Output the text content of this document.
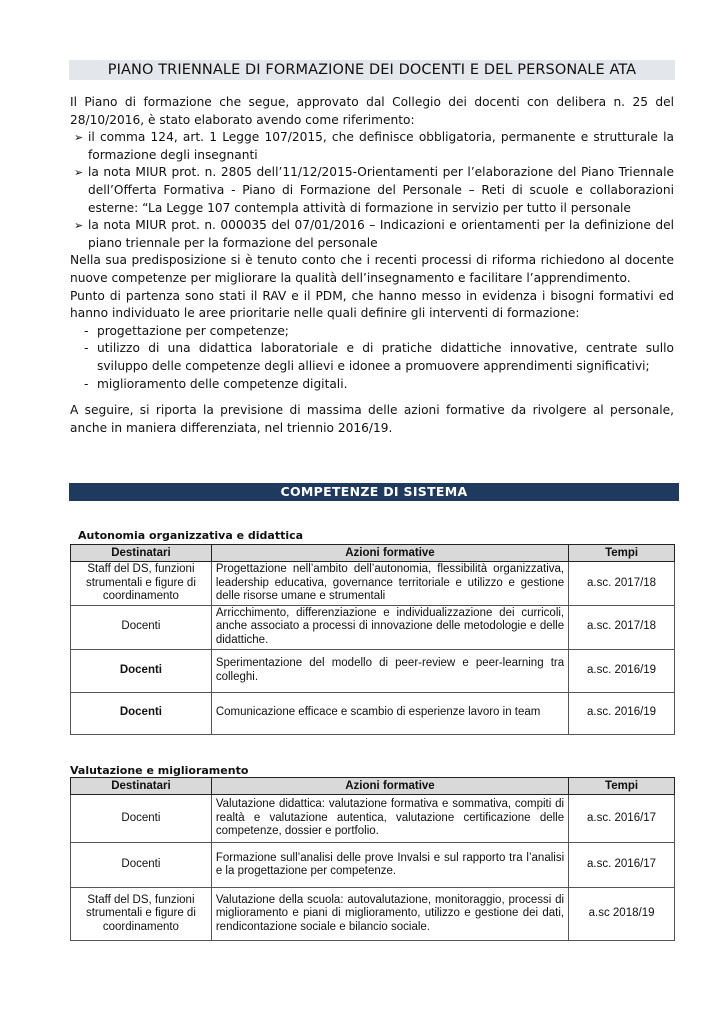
PIANO TRIENNALE DI FORMAZIONE DEI DOCENTI E DEL PERSONALE ATA

Il Piano di formazione che segue, approvato dal Collegio dei docenti con delibera n. 25 del 28/10/2016, è stato elaborato avendo come riferimento:

➢ il comma 124, art. 1 Legge 107/2015, che definisce obbligatoria, permanente e strutturale la formazione degli insegnanti
➢ la nota MIUR prot. n. 2805 dell’11/12/2015-Orientamenti per l’elaborazione del Piano Triennale dell’Offerta Formativa - Piano di Formazione del Personale – Reti di scuole e collaborazioni esterne: “La Legge 107 contempla attività di formazione in servizio per tutto il personale
➢ la nota MIUR prot. n. 000035 del 07/01/2016 – Indicazioni e orientamenti per la definizione del piano triennale per la formazione del personale

Nella sua predisposizione si è tenuto conto che i recenti processi di riforma richiedono al docente nuove competenze per migliorare la qualità dell’insegnamento e facilitare l’apprendimento.

Punto di partenza sono stati il RAV e il PDM, che hanno messo in evidenza i bisogni formativi ed hanno individuato le aree prioritarie nelle quali definire gli interventi di formazione:

- progettazione per competenze;
- utilizzo di una didattica laboratoriale e di pratiche didattiche innovative, centrate sullo sviluppo delle competenze degli allievi e idonee a promuovere apprendimenti significativi;
- miglioramento delle competenze digitali.

A seguire, si riporta la previsione di massima delle azioni formative da rivolgere al personale, anche in maniera differenziata, nel triennio 2016/19.

COMPETENZE DI SISTEMA
Autonomia organizzativa e didattica
Destinatari	Azioni formative	Tempi
Staff del DS, funzioni strumentali e figure di coordinamento	Progettazione nell’ambito dell’autonomia, flessibilità organizzativa, leadership educativa, governance territoriale e utilizzo e gestione delle risorse umane e strumentali	a.sc. 2017/18
Docenti	Arricchimento, differenziazione e individualizzazione dei curricoli, anche associato a processi di innovazione delle metodologie e delle didattiche.	a.sc. 2017/18
Docenti	Sperimentazione del modello di peer-review e peer-learning tra colleghi.	a.sc. 2016/19
Docenti	Comunicazione efficace e scambio di esperienze lavoro in team	a.sc. 2016/19
Valutazione e miglioramento
Destinatari	Azioni formative	Tempi
Docenti	Valutazione didattica: valutazione formativa e sommativa, compiti di realtà e valutazione autentica, valutazione certificazione delle competenze, dossier e portfolio.	a.sc. 2016/17
Docenti	Formazione sull’analisi delle prove Invalsi e sul rapporto tra l’analisi e la progettazione per competenze.	a.sc. 2016/17
Staff del DS, funzioni strumentali e figure di coordinamento	Valutazione della scuola: autovalutazione, monitoraggio, processi di miglioramento e piani di miglioramento, utilizzo e gestione dei dati, rendicontazione sociale e bilancio sociale.	a.sc 2018/19
